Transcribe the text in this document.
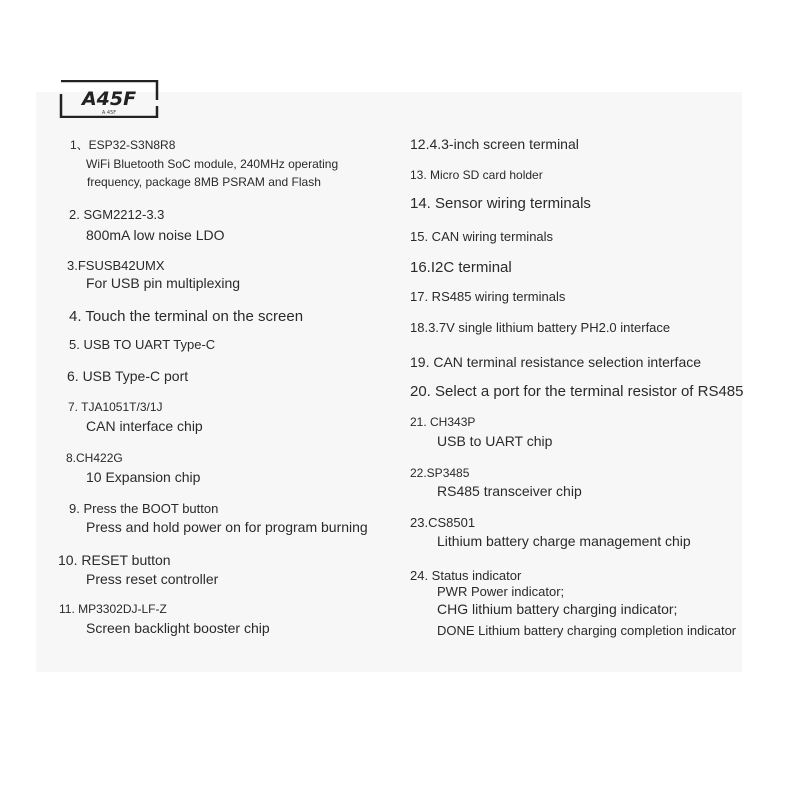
A45F
A 45F
1、ESP32-S3N8R8
WiFi Bluetooth SoC module, 240MHz operating
frequency, package 8MB PSRAM and Flash
2. SGM2212-3.3
800mA low noise LDO
3.FSUSB42UMX
For USB pin multiplexing
4. Touch the terminal on the screen
5. USB TO UART Type-C
6. USB Type-C port
7. TJA1051T/3/1J
CAN interface chip
8.CH422G
10 Expansion chip
9. Press the BOOT button
Press and hold power on for program burning
10. RESET button
Press reset controller
11. MP3302DJ-LF-Z
Screen backlight booster chip
12.4.3-inch screen terminal
13. Micro SD card holder
14. Sensor wiring terminals
15. CAN wiring terminals
16.I2C terminal
17. RS485 wiring terminals
18.3.7V single lithium battery PH2.0 interface
19. CAN terminal resistance selection interface
20. Select a port for the terminal resistor of RS485
21. CH343P
USB to UART chip
22.SP3485
RS485 transceiver chip
23.CS8501
Lithium battery charge management chip
24. Status indicator
PWR Power indicator;
CHG lithium battery charging indicator;
DONE Lithium battery charging completion indicator
